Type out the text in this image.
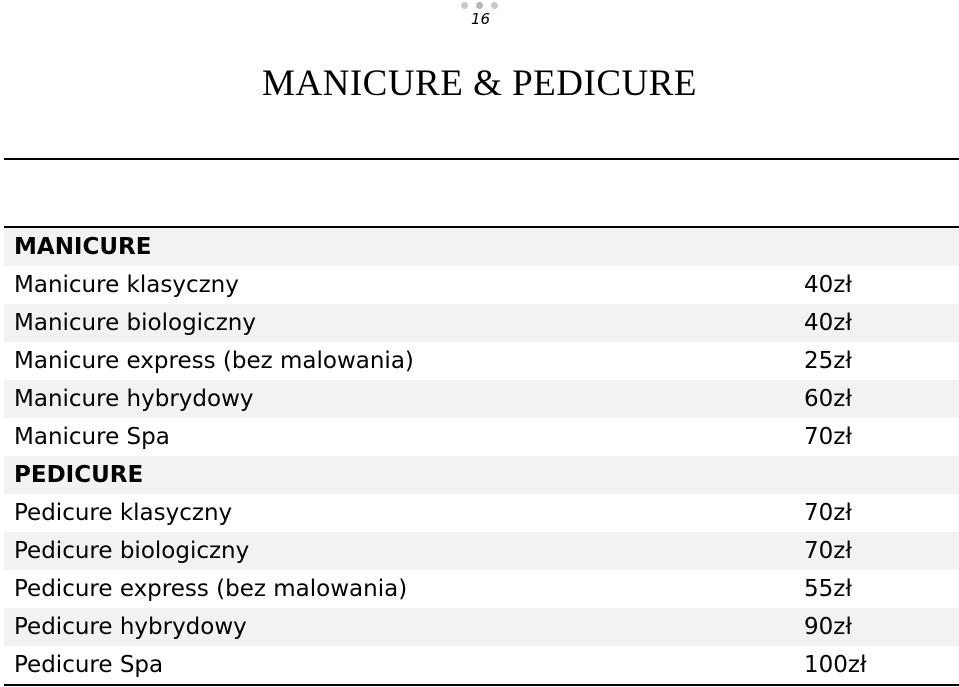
16
MANICURE & PEDICURE
MANICURE
Manicure klasyczny	40zł
Manicure biologiczny	40zł
Manicure express (bez malowania)	25zł
Manicure hybrydowy	60zł
Manicure Spa	70zł
PEDICURE
Pedicure klasyczny	70zł
Pedicure biologiczny	70zł
Pedicure express (bez malowania)	55zł
Pedicure hybrydowy	90zł
Pedicure Spa	100zł
